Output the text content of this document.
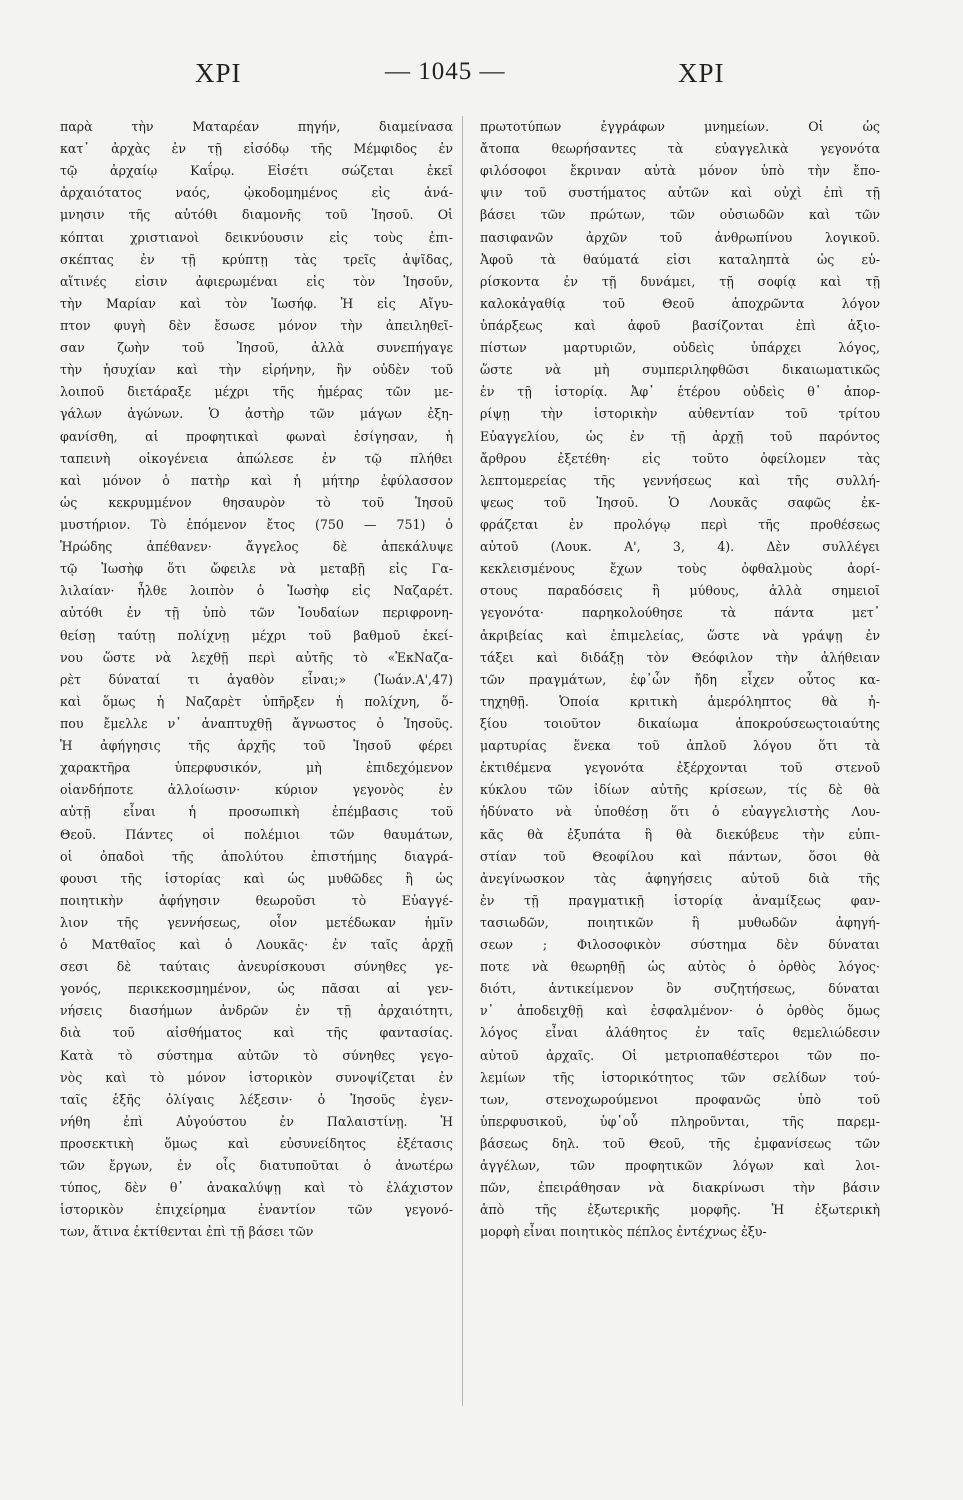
ΧΡΙ	— 1045 —	ΧΡΙ
παρὰ τὴν Ματαρέαν πηγήν, διαμείνασα
κατ᾽ ἀρχὰς ἐν τῇ εἰσόδῳ τῆς Μέμφιδος ἐν
τῷ ἀρχαίῳ Καΐρῳ. Εἰσέτι σώζεται ἐκεῖ
ἀρχαιότατος ναός, ᾠκοδομημένος εἰς ἀνά-
μνησιν τῆς αὐτόθι διαμονῆς τοῦ Ἰησοῦ. Οἱ
κόπται χριστιανοὶ δεικνύουσιν εἰς τοὺς ἐπι-
σκέπτας ἐν τῇ κρύπτῃ τὰς τρεῖς ἀψῖδας,
αἵτινές εἰσιν ἀφιερωμέναι εἰς τὸν Ἰησοῦν,
τὴν Μαρίαν καὶ τὸν Ἰωσήφ. Ἡ εἰς Αἴγυ-
πτον φυγὴ δὲν ἔσωσε μόνον τὴν ἀπειληθεῖ-
σαν ζωὴν τοῦ Ἰησοῦ, ἀλλὰ συνεπήγαγε
τὴν ἡσυχίαν καὶ τὴν εἰρήνην, ἣν οὐδὲν τοῦ
λοιποῦ διετάραξε μέχρι τῆς ἡμέρας τῶν με-
γάλων ἀγώνων. Ὁ ἀστὴρ τῶν μάγων ἐξη-
φανίσθη, αἱ προφητικαὶ φωναὶ ἐσίγησαν, ἡ
ταπεινὴ οἰκογένεια ἀπώλεσε ἐν τῷ πλήθει
καὶ μόνον ὁ πατὴρ καὶ ἡ μήτηρ ἐφύλασσον
ὡς κεκρυμμένον θησαυρὸν τὸ τοῦ Ἰησοῦ
μυστήριον. Τὸ ἑπόμενον ἔτος (750 — 751) ὁ
Ἡρώδης ἀπέθανεν· ἄγγελος δὲ ἀπεκάλυψε
τῷ Ἰωσὴφ ὅτι ὤφειλε νὰ μεταβῇ εἰς Γα-
λιλαίαν· ἦλθε λοιπὸν ὁ Ἰωσὴφ εἰς Ναζαρέτ.
αὐτόθι ἐν τῇ ὑπὸ τῶν Ἰουδαίων περιφρονη-
θείσῃ ταύτῃ πολίχνῃ μέχρι τοῦ βαθμοῦ ἐκεί-
νου ὥστε νὰ λεχθῇ περὶ αὐτῆς τὸ «ἘκΝαζα-
ρὲτ δύναταί τι ἀγαθὸν εἶναι;» (Ἰωάν.Α',47)
καὶ ὅμως ἡ Ναζαρὲτ ὑπῆρξεν ἡ πολίχνη, ὅ-
που ἔμελλε ν᾽ ἀναπτυχθῇ ἄγνωστος ὁ Ἰησοῦς.
Ἡ ἀφήγησις τῆς ἀρχῆς τοῦ Ἰησοῦ φέρει
χαρακτῆρα ὑπερφυσικόν, μὴ ἐπιδεχόμενον
οἱανδήποτε ἀλλοίωσιν· κύριον γεγονὸς ἐν
αὐτῇ εἶναι ἡ προσωπικὴ ἐπέμβασις τοῦ
Θεοῦ. Πάντες οἱ πολέμιοι τῶν θαυμάτων,
οἱ ὀπαδοὶ τῆς ἀπολύτου ἐπιστήμης διαγρά-
φουσι τῆς ἱστορίας καὶ ὡς μυθῶδες ἢ ὡς
ποιητικὴν ἀφήγησιν θεωροῦσι τὸ Εὐαγγέ-
λιον τῆς γεννήσεως, οἷον μετέδωκαν ἡμῖν
ὁ Ματθαῖος καὶ ὁ Λουκᾶς· ἐν ταῖς ἀρχῇ
σεσι δὲ ταύταις ἀνευρίσκουσι σύνηθες γε-
γονός, περικεκοσμημένον, ὡς πᾶσαι αἱ γεν-
νήσεις διασήμων ἀνδρῶν ἐν τῇ ἀρχαιότητι,
διὰ τοῦ αἰσθήματος καὶ τῆς φαντασίας.
Κατὰ τὸ σύστημα αὐτῶν τὸ σύνηθες γεγο-
νὸς καὶ τὸ μόνον ἱστορικὸν συνοψίζεται ἐν
ταῖς ἑξῆς ὀλίγαις λέξεσιν· ὁ Ἰησοῦς ἐγεν-
νήθη ἐπὶ Αὐγούστου ἐν Παλαιστίνῃ. Ἡ
προσεκτικὴ ὅμως καὶ εὐσυνείδητος ἐξέτασις
τῶν ἔργων, ἐν οἷς διατυποῦται ὁ ἀνωτέρω
τύπος, δὲν θ᾽ ἀνακαλύψῃ καὶ τὸ ἐλάχιστον
ἱστορικὸν ἐπιχείρημα ἐναντίον τῶν γεγονό-
των, ἅτινα ἐκτίθενται ἐπὶ τῇ βάσει τῶν
πρωτοτύπων ἐγγράφων μνημείων. Οἱ ὡς
ἄτοπα θεωρήσαντες τὰ εὐαγγελικὰ γεγονότα
φιλόσοφοι ἔκριναν αὐτὰ μόνον ὑπὸ τὴν ἔπο-
ψιν τοῦ συστήματος αὐτῶν καὶ οὐχὶ ἐπὶ τῇ
βάσει τῶν πρώτων, τῶν οὐσιωδῶν καὶ τῶν
πασιφανῶν ἀρχῶν τοῦ ἀνθρωπίνου λογικοῦ.
Ἀφοῦ τὰ θαύματά εἰσι καταληπτὰ ὡς εὑ-
ρίσκοντα ἐν τῇ δυνάμει, τῇ σοφίᾳ καὶ τῇ
καλοκἀγαθίᾳ τοῦ Θεοῦ ἀποχρῶντα λόγον
ὑπάρξεως καὶ ἀφοῦ βασίζονται ἐπὶ ἀξιο-
πίστων μαρτυριῶν, οὐδεὶς ὑπάρχει λόγος,
ὥστε νὰ μὴ συμπεριληφθῶσι δικαιωματικῶς
ἐν τῇ ἱστορίᾳ. Ἀφ᾽ ἑτέρου οὐδεὶς θ᾽ ἀπορ-
ρίψῃ τὴν ἱστορικὴν αὐθεντίαν τοῦ τρίτου
Εὐαγγελίου, ὡς ἐν τῇ ἀρχῇ τοῦ παρόντος
ἄρθρου ἐξετέθη· εἰς τοῦτο ὀφείλομεν τὰς
λεπτομερείας τῆς γεννήσεως καὶ τῆς συλλή-
ψεως τοῦ Ἰησοῦ. Ὁ Λουκᾶς σαφῶς ἐκ-
φράζεται ἐν προλόγῳ περὶ τῆς προθέσεως
αὐτοῦ (Λουκ. Α', 3, 4). Δὲν συλλέγει
κεκλεισμένους ἔχων τοὺς ὀφθαλμοὺς ἀορί-
στους παραδόσεις ἢ μύθους, ἀλλὰ σημειοῖ
γεγονότα· παρηκολούθησε τὰ πάντα μετ᾽
ἀκριβείας καὶ ἐπιμελείας, ὥστε νὰ γράψῃ ἐν
τάξει καὶ διδάξῃ τὸν Θεόφιλον τὴν ἀλήθειαν
τῶν πραγμάτων, ἐφ᾽ὧν ἤδη εἶχεν οὗτος κα-
τηχηθῇ. Ὁποία κριτικὴ ἀμερόληπτος θὰ ἠ-
ξίου τοιοῦτον δικαίωμα ἀποκρούσεωςτοιαύτης
μαρτυρίας ἕνεκα τοῦ ἁπλοῦ λόγου ὅτι τὰ
ἐκτιθέμενα γεγονότα ἐξέρχονται τοῦ στενοῦ
κύκλου τῶν ἰδίων αὐτῆς κρίσεων, τίς δὲ θὰ
ἠδύνατο νὰ ὑποθέσῃ ὅτι ὁ εὐαγγελιστὴς Λου-
κᾶς θὰ ἐξυπάτα ἢ θὰ διεκύβευε τὴν εὐπι-
στίαν τοῦ Θεοφίλου καὶ πάντων, ὅσοι θὰ
ἀνεγίνωσκον τὰς ἀφηγήσεις αὐτοῦ διὰ τῆς
ἐν τῇ πραγματικῇ ἱστορίᾳ ἀναμίξεως φαν-
τασιωδῶν, ποιητικῶν ἢ μυθωδῶν ἀφηγή-
σεων ; Φιλοσοφικὸν σύστημα δὲν δύναται
ποτε νὰ θεωρηθῇ ὡς αὐτὸς ὁ ὀρθὸς λόγος·
διότι, ἀντικείμενον ὂν συζητήσεως, δύναται
ν᾽ ἀποδειχθῇ καὶ ἐσφαλμένον· ὁ ὀρθὸς ὅμως
λόγος εἶναι ἀλάθητος ἐν ταῖς θεμελιώδεσιν
αὐτοῦ ἀρχαῖς. Οἱ μετριοπαθέστεροι τῶν πο-
λεμίων τῆς ἱστορικότητος τῶν σελίδων τού-
των, στενοχωρούμενοι προφανῶς ὑπὸ τοῦ
ὑπερφυσικοῦ, ὑφ᾽οὗ πληροῦνται, τῆς παρεμ-
βάσεως δηλ. τοῦ Θεοῦ, τῆς ἐμφανίσεως τῶν
ἀγγέλων, τῶν προφητικῶν λόγων καὶ λοι-
πῶν, ἐπειράθησαν νὰ διακρίνωσι τὴν βάσιν
ἀπὸ τῆς ἐξωτερικῆς μορφῆς. Ἡ ἐξωτερικὴ
μορφὴ εἶναι ποιητικὸς πέπλος ἐντέχνως ἐξυ-
